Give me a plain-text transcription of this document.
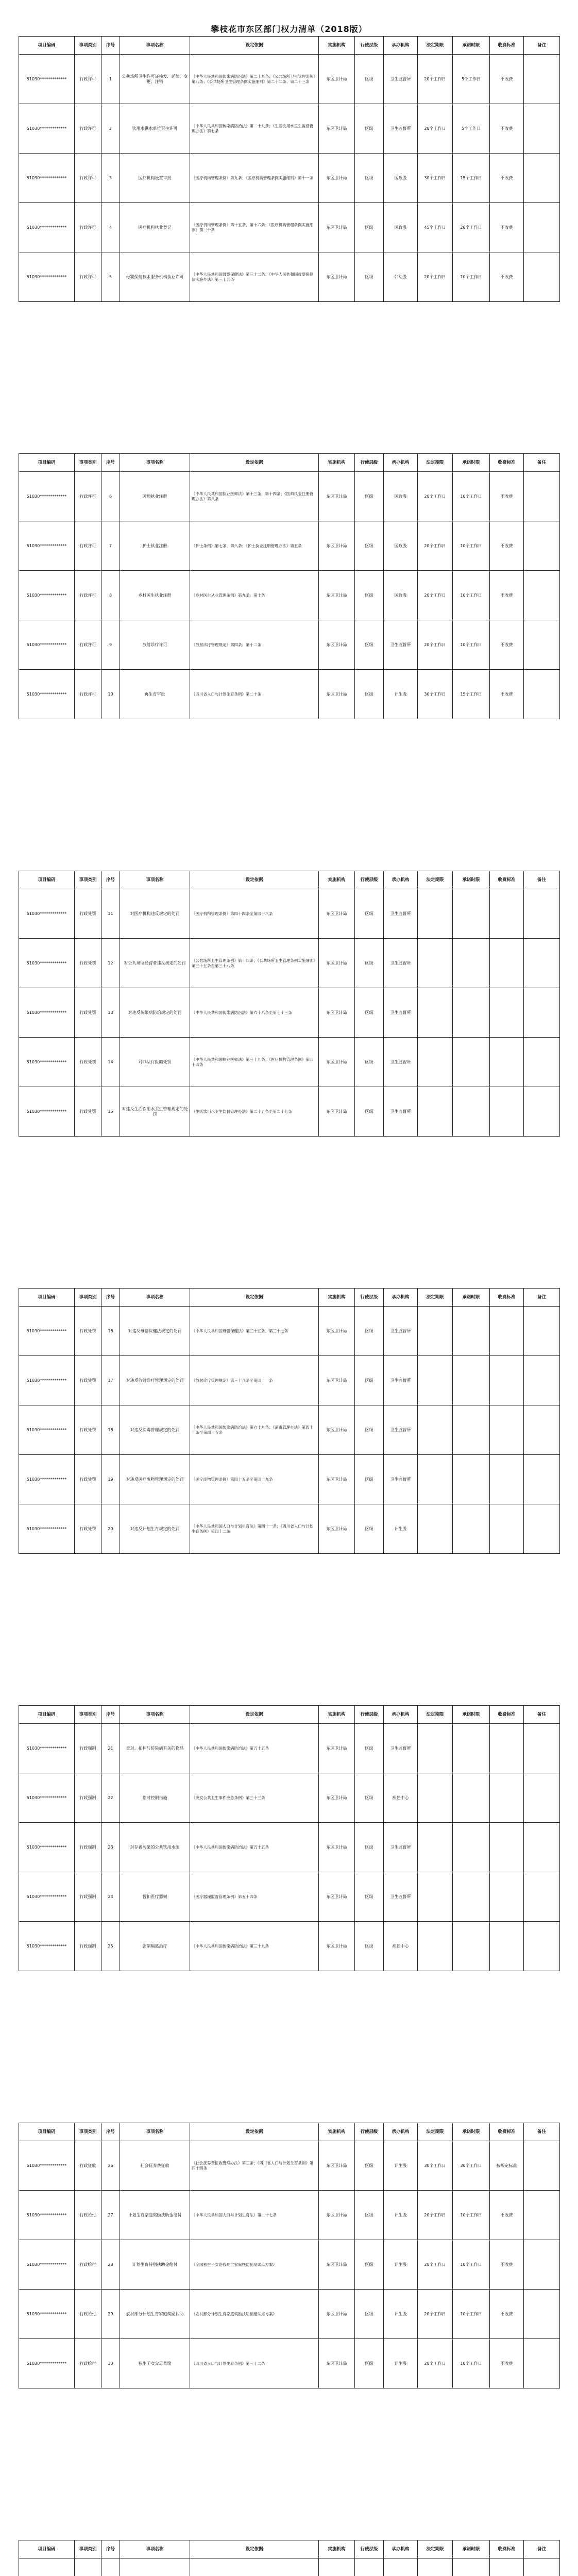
攀枝花市东区部门权力清单（2018版）
项目编码	事项类别	序号	事项名称	设定依据	实施机构	行使层级	承办机构	法定期限	承诺时限	收费标准	备注
51030*************	行政许可	1	公共场所卫生许可证核发、延续、变更、注销	《中华人民共和国传染病防治法》第二十九条；《公共场所卫生管理条例》第八条；《公共场所卫生管理条例实施细则》第二十二条、第二十三条	东区卫计局	区级	卫生监督所	20个工作日	5个工作日	不收费	
51030*************	行政许可	2	饮用水供水单位卫生许可	《中华人民共和国传染病防治法》第二十九条；《生活饮用水卫生监督管理办法》第七条	东区卫计局	区级	卫生监督所	20个工作日	5个工作日	不收费	
51030*************	行政许可	3	医疗机构设置审批	《医疗机构管理条例》第九条；《医疗机构管理条例实施细则》第十一条	东区卫计局	区级	医政股	30个工作日	15个工作日	不收费	
51030*************	行政许可	4	医疗机构执业登记	《医疗机构管理条例》第十五条、第十六条；《医疗机构管理条例实施细则》第二十条	东区卫计局	区级	医政股	45个工作日	20个工作日	不收费	
51030*************	行政许可	5	母婴保健技术服务机构执业许可	《中华人民共和国母婴保健法》第三十二条；《中华人民共和国母婴保健法实施办法》第三十五条	东区卫计局	区级	妇幼股	20个工作日	10个工作日	不收费	
项目编码	事项类别	序号	事项名称	设定依据	实施机构	行使层级	承办机构	法定期限	承诺时限	收费标准	备注
51030*************	行政许可	6	医师执业注册	《中华人民共和国执业医师法》第十三条、第十四条；《医师执业注册管理办法》第八条	东区卫计局	区级	医政股	20个工作日	10个工作日	不收费	
51030*************	行政许可	7	护士执业注册	《护士条例》第七条、第八条；《护士执业注册管理办法》第五条	东区卫计局	区级	医政股	20个工作日	10个工作日	不收费	
51030*************	行政许可	8	乡村医生执业注册	《乡村医生从业管理条例》第九条、第十条	东区卫计局	区级	医政股	20个工作日	10个工作日	不收费	
51030*************	行政许可	9	放射诊疗许可	《放射诊疗管理规定》第四条、第十二条	东区卫计局	区级	卫生监督所	20个工作日	10个工作日	不收费	
51030*************	行政许可	10	再生育审批	《四川省人口与计划生育条例》第二十条	东区卫计局	区级	计生股	30个工作日	15个工作日	不收费	
项目编码	事项类别	序号	事项名称	设定依据	实施机构	行使层级	承办机构	法定期限	承诺时限	收费标准	备注
51030*************	行政处罚	11	对医疗机构违反规定的处罚	《医疗机构管理条例》第四十四条至第四十八条	东区卫计局	区级	卫生监督所				
51030*************	行政处罚	12	对公共场所经营者违反规定的处罚	《公共场所卫生管理条例》第十四条；《公共场所卫生管理条例实施细则》第三十五条至第三十八条	东区卫计局	区级	卫生监督所				
51030*************	行政处罚	13	对违反传染病防治规定的处罚	《中华人民共和国传染病防治法》第六十八条至第七十三条	东区卫计局	区级	卫生监督所				
51030*************	行政处罚	14	对非法行医的处罚	《中华人民共和国执业医师法》第三十九条；《医疗机构管理条例》第四十四条	东区卫计局	区级	卫生监督所				
51030*************	行政处罚	15	对违反生活饮用水卫生管理规定的处罚	《生活饮用水卫生监督管理办法》第二十五条至第二十七条	东区卫计局	区级	卫生监督所				
项目编码	事项类别	序号	事项名称	设定依据	实施机构	行使层级	承办机构	法定期限	承诺时限	收费标准	备注
51030*************	行政处罚	16	对违反母婴保健法规定的处罚	《中华人民共和国母婴保健法》第三十五条、第三十七条	东区卫计局	区级	卫生监督所				
51030*************	行政处罚	17	对违反放射诊疗管理规定的处罚	《放射诊疗管理规定》第三十八条至第四十一条	东区卫计局	区级	卫生监督所				
51030*************	行政处罚	18	对违反消毒管理规定的处罚	《中华人民共和国传染病防治法》第六十九条；《消毒管理办法》第四十一条至第四十五条	东区卫计局	区级	卫生监督所				
51030*************	行政处罚	19	对违反医疗废物管理规定的处罚	《医疗废物管理条例》第四十五条至第四十九条	东区卫计局	区级	卫生监督所				
51030*************	行政处罚	20	对违反计划生育规定的处罚	《中华人民共和国人口与计划生育法》第四十一条；《四川省人口与计划生育条例》第四十二条	东区卫计局	区级	计生股				
项目编码	事项类别	序号	事项名称	设定依据	实施机构	行使层级	承办机构	法定期限	承诺时限	收费标准	备注
51030*************	行政强制	21	查封、扣押与传染病有关的物品	《中华人民共和国传染病防治法》第五十五条	东区卫计局	区级	卫生监督所				
51030*************	行政强制	22	临时控制措施	《突发公共卫生事件应急条例》第三十三条	东区卫计局	区级	疾控中心				
51030*************	行政强制	23	封存被污染的公共饮用水源	《中华人民共和国传染病防治法》第五十五条	东区卫计局	区级	卫生监督所				
51030*************	行政强制	24	暂扣医疗器械	《医疗器械监督管理条例》第五十四条	东区卫计局	区级	卫生监督所				
51030*************	行政强制	25	强制隔离治疗	《中华人民共和国传染病防治法》第三十九条	东区卫计局	区级	疾控中心				
项目编码	事项类别	序号	事项名称	设定依据	实施机构	行使层级	承办机构	法定期限	承诺时限	收费标准	备注
51030*************	行政征收	26	社会抚养费征收	《社会抚养费征收管理办法》第三条；《四川省人口与计划生育条例》第四十四条	东区卫计局	区级	计生股	30个工作日	30个工作日	按规定标准	
51030*************	行政给付	27	计划生育家庭奖励扶助金给付	《中华人民共和国人口与计划生育法》第二十七条	东区卫计局	区级	计生股	20个工作日	10个工作日	不收费	
51030*************	行政给付	28	计划生育特别扶助金给付	《全国独生子女伤残死亡家庭扶助制度试点方案》	东区卫计局	区级	计生股	20个工作日	10个工作日	不收费	
51030*************	行政给付	29	农村部分计划生育家庭奖励扶助	《农村部分计划生育家庭奖励扶助制度试点方案》	东区卫计局	区级	计生股	20个工作日	10个工作日	不收费	
51030*************	行政给付	30	独生子女父母奖励	《四川省人口与计划生育条例》第三十二条	东区卫计局	区级	计生股	20个工作日	10个工作日	不收费	
项目编码	事项类别	序号	事项名称	设定依据	实施机构	行使层级	承办机构	法定期限	承诺时限	收费标准	备注
